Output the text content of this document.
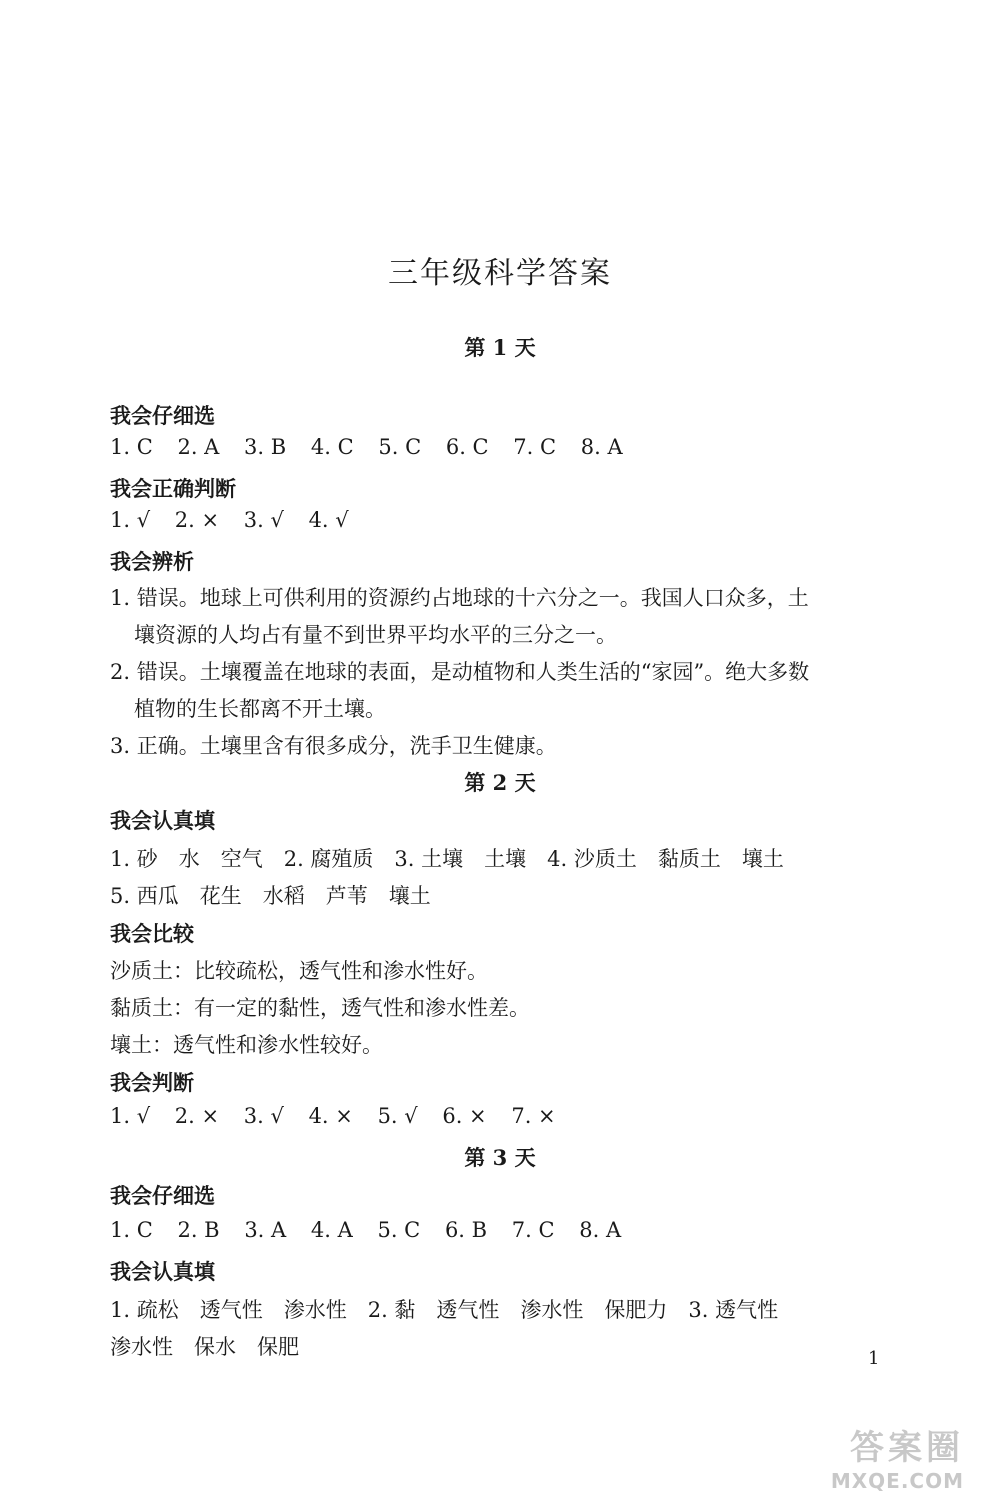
三年级科学答案
第 1 天
我会仔细选
1. C 2. A 3. B 4. C 5. C 6. C 7. C 8. A
我会正确判断
1. √ 2. × 3. √ 4. √
我会辨析
1. 错误。地球上可供利用的资源约占地球的十六分之一。我国人口众多，土
壤资源的人均占有量不到世界平均水平的三分之一。
2. 错误。土壤覆盖在地球的表面，是动植物和人类生活的“家园”。绝大多数
植物的生长都离不开土壤。
3. 正确。土壤里含有很多成分，洗手卫生健康。
第 2 天
我会认真填
1. 砂　水　空气　2. 腐殖质　3. 土壤　土壤　4. 沙质土　黏质土　壤土
5. 西瓜　花生　水稻　芦苇　壤土
我会比较
沙质土：比较疏松，透气性和渗水性好。
黏质土：有一定的黏性，透气性和渗水性差。
壤土：透气性和渗水性较好。
我会判断
1. √ 2. × 3. √ 4. × 5. √ 6. × 7. ×
第 3 天
我会仔细选
1. C 2. B 3. A 4. A 5. C 6. B 7. C 8. A
我会认真填
1. 疏松　透气性　渗水性　2. 黏　透气性　渗水性　保肥力　3. 透气性
渗水性　保水　保肥	1
答案圈
MXQE.COM
